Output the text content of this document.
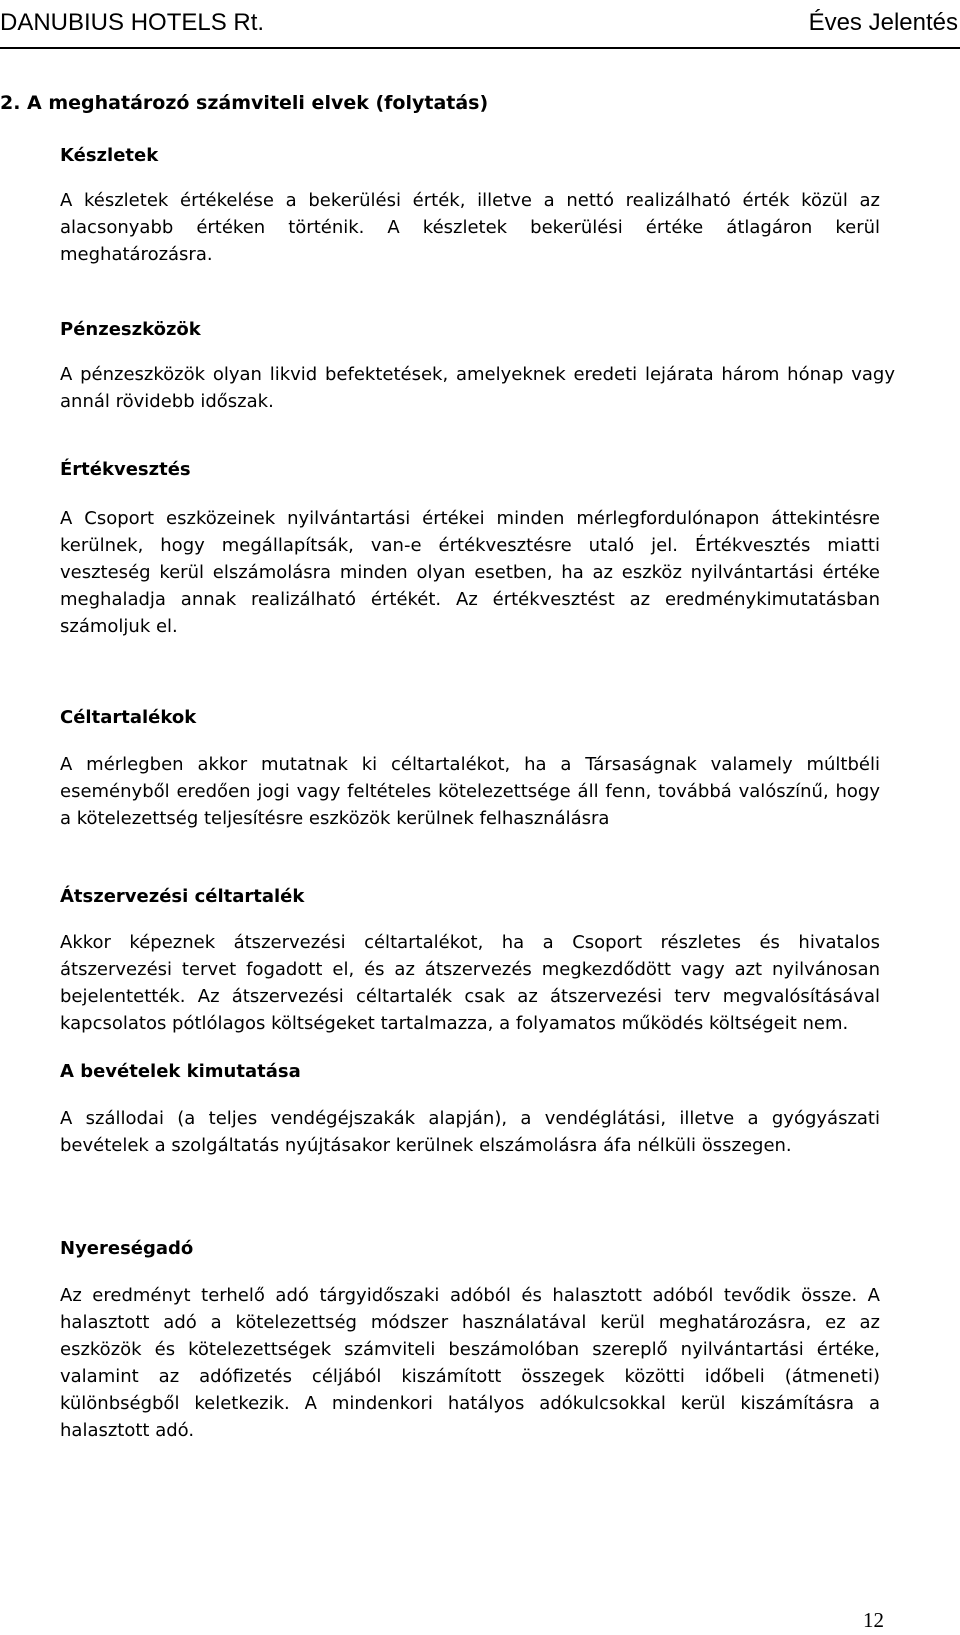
DANUBIUS HOTELS Rt.	Éves Jelentés
2. A meghatározó számviteli elvek (folytatás)
Készletek

A készletek értékelése a bekerülési érték, illetve a nettó realizálható érték közül az alacsonyabb értéken történik. A készletek bekerülési értéke átlagáron kerül meghatározásra.

Pénzeszközök

A pénzeszközök olyan likvid befektetések, amelyeknek eredeti lejárata három hónap vagy annál rövidebb időszak.

Értékvesztés

A Csoport eszközeinek nyilvántartási értékei minden mérlegfordulónapon áttekintésre kerülnek, hogy megállapítsák, van-e értékvesztésre utaló jel. Értékvesztés miatti veszteség kerül elszámolásra minden olyan esetben, ha az eszköz nyilvántartási értéke meghaladja annak realizálható értékét. Az értékvesztést az eredménykimutatásban számoljuk el.

Céltartalékok

A mérlegben akkor mutatnak ki céltartalékot, ha a Társaságnak valamely múltbéli eseményből eredően jogi vagy feltételes kötelezettsége áll fenn, továbbá valószínű, hogy a kötelezettség teljesítésre eszközök kerülnek felhasználásra

Átszervezési céltartalék

Akkor képeznek átszervezési céltartalékot, ha a Csoport részletes és hivatalos átszervezési tervet fogadott el, és az átszervezés megkezdődött vagy azt nyilvánosan bejelentették. Az átszervezési céltartalék csak az átszervezési terv megvalósításával kapcsolatos pótlólagos költségeket tartalmazza, a folyamatos működés költségeit nem.

A bevételek kimutatása

A szállodai (a teljes vendégéjszakák alapján), a vendéglátási, illetve a gyógyászati bevételek a szolgáltatás nyújtásakor kerülnek elszámolásra áfa nélküli összegen.

Nyereségadó

Az eredményt terhelő adó tárgyidőszaki adóból és halasztott adóból tevődik össze. A halasztott adó a kötelezettség módszer használatával kerül meghatározásra, ez az eszközök és kötelezettségek számviteli beszámolóban szereplő nyilvántartási értéke, valamint az adófizetés céljából kiszámított összegek közötti időbeli (átmeneti) különbségből keletkezik. A mindenkori hatályos adókulcsokkal kerül kiszámításra a halasztott adó.

12
